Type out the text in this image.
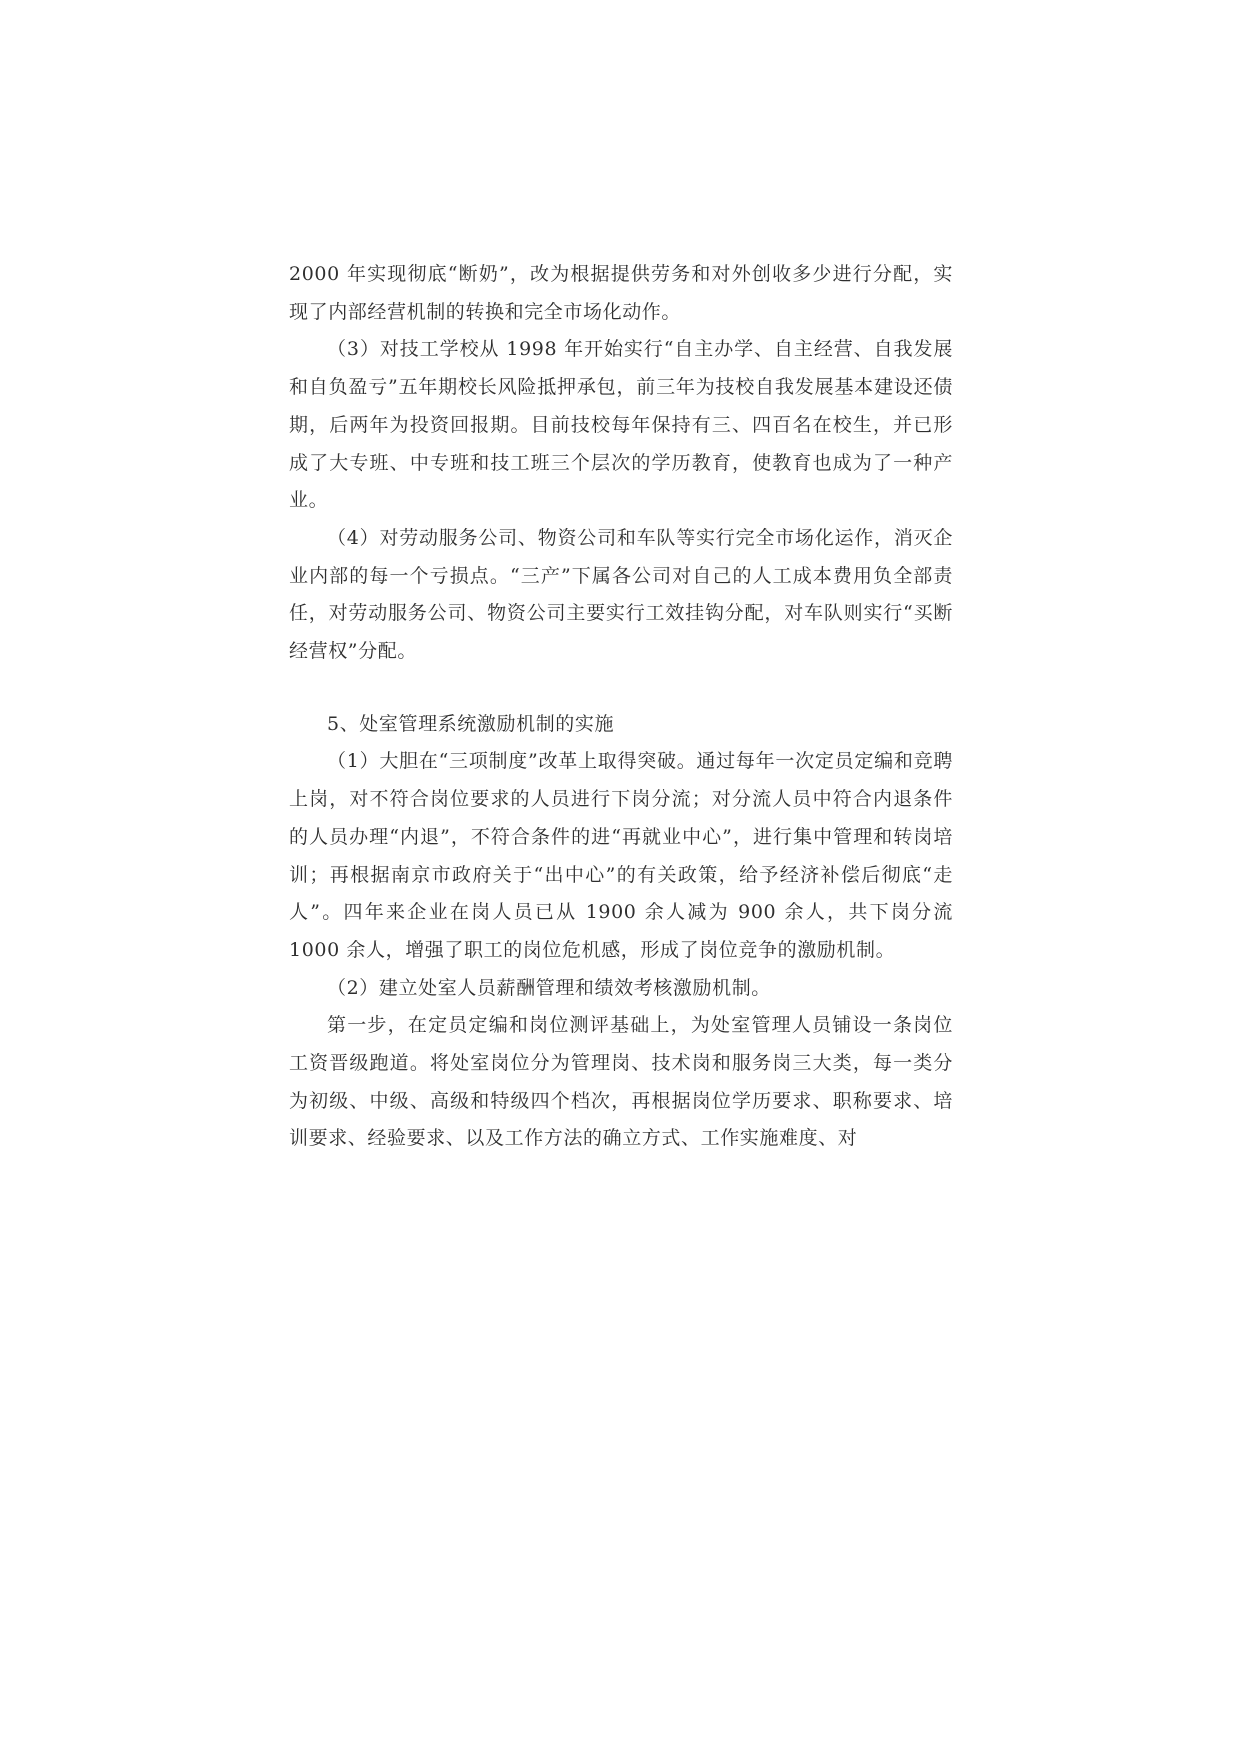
2000 年实现彻底“断奶”，改为根据提供劳务和对外创收多少进行分配，实现了内部经营机制的转换和完全市场化动作。

（3）对技工学校从 1998 年开始实行“自主办学、自主经营、自我发展和自负盈亏”五年期校长风险抵押承包，前三年为技校自我发展基本建设还债期，后两年为投资回报期。目前技校每年保持有三、四百名在校生，并已形成了大专班、中专班和技工班三个层次的学历教育，使教育也成为了一种产业。

（4）对劳动服务公司、物资公司和车队等实行完全市场化运作，消灭企业内部的每一个亏损点。“三产”下属各公司对自己的人工成本费用负全部责任，对劳动服务公司、物资公司主要实行工效挂钩分配，对车队则实行“买断经营权”分配。

5、处室管理系统激励机制的实施

（1）大胆在“三项制度”改革上取得突破。通过每年一次定员定编和竞聘上岗，对不符合岗位要求的人员进行下岗分流；对分流人员中符合内退条件的人员办理“内退”，不符合条件的进“再就业中心”，进行集中管理和转岗培训；再根据南京市政府关于“出中心”的有关政策，给予经济补偿后彻底“走人”。四年来企业在岗人员已从 1900 余人减为 900 余人，共下岗分流 1000 余人，增强了职工的岗位危机感，形成了岗位竞争的激励机制。

（2）建立处室人员薪酬管理和绩效考核激励机制。

第一步，在定员定编和岗位测评基础上，为处室管理人员铺设一条岗位工资晋级跑道。将处室岗位分为管理岗、技术岗和服务岗三大类，每一类分为初级、中级、高级和特级四个档次，再根据岗位学历要求、职称要求、培训要求、经验要求、以及工作方法的确立方式、工作实施难度、对
